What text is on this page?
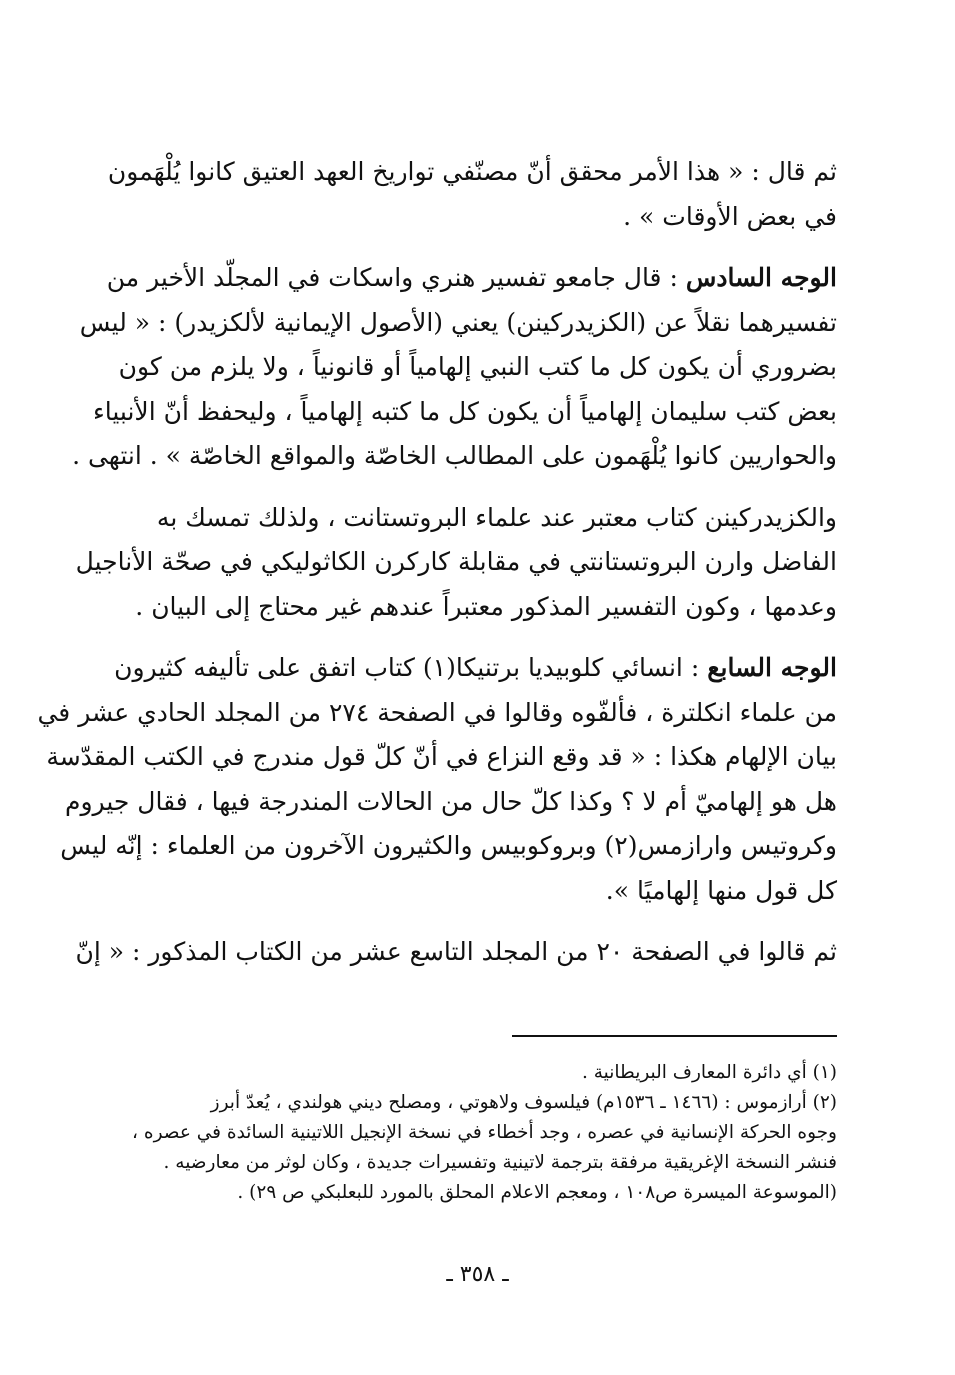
ثم قال : « هذا الأمر محقق أنّ مصنّفي تواريخ العهد العتيق كانوا يُلْهَمون
في بعض الأوقات » .
الوجه السادس : قال جامعو تفسير هنري واسكات في المجلّد الأخير من
تفسيرهما نقلاً عن (الكزيدركينن) يعني (الأصول الإيمانية لألكزيدر) : « ليس
بضروري أن يكون كل ما كتب النبي إلهامياً أو قانونياً ، ولا يلزم من كون
بعض كتب سليمان إلهامياً أن يكون كل ما كتبه إلهامياً ، وليحفظ أنّ الأنبياء
والحواريين كانوا يُلْهَمون على المطالب الخاصّة والمواقع الخاصّة » . انتهى .
والكزيدركينن كتاب معتبر عند علماء البروتستانت ، ولذلك تمسك به
الفاضل وارن البروتستانتي في مقابلة كاركرن الكاثوليكي في صحّة الأناجيل
وعدمها ، وكون التفسير المذكور معتبراً عندهم غير محتاج إلى البيان .
الوجه السابع : انسائي كلوبيديا برتنيكا(١) كتاب اتفق على تأليفه كثيرون
من علماء انكلترة ، فألفّوه وقالوا في الصفحة ٢٧٤ من المجلد الحادي عشر في
بيان الإلهام هكذا : « قد وقع النزاع في أنّ كلّ قول مندرج في الكتب المقدّسة
هل هو إلهاميّ أم لا ؟ وكذا كلّ حال من الحالات المندرجة فيها ، فقال جيروم
وكروتيس وارازمس(٢) وبروكوبيس والكثيرون الآخرون من العلماء : إنّه ليس
كل قول منها إلهاميًا ».
ثم قالوا في الصفحة ٢٠ من المجلد التاسع عشر من الكتاب المذكور : « إنّ
(١) أي دائرة المعارف البريطانية .
(٢) أرازموس : (١٤٦٦ ـ ١٥٣٦م) فيلسوف ولاهوتي ، ومصلح ديني هولندي ، يُعدّ أبرز
وجوه الحركة الإنسانية في عصره ، وجد أخطاء في نسخة الإنجيل اللاتينية السائدة في عصره ،
فنشر النسخة الإغريقية مرفقة بترجمة لاتينية وتفسيرات جديدة ، وكان لوثر من معارضيه .
(الموسوعة الميسرة ص١٠٨ ، ومعجم الاعلام المحلق بالمورد للبعلبكي ص ٢٩) .
ـ ٣٥٨ ـ
